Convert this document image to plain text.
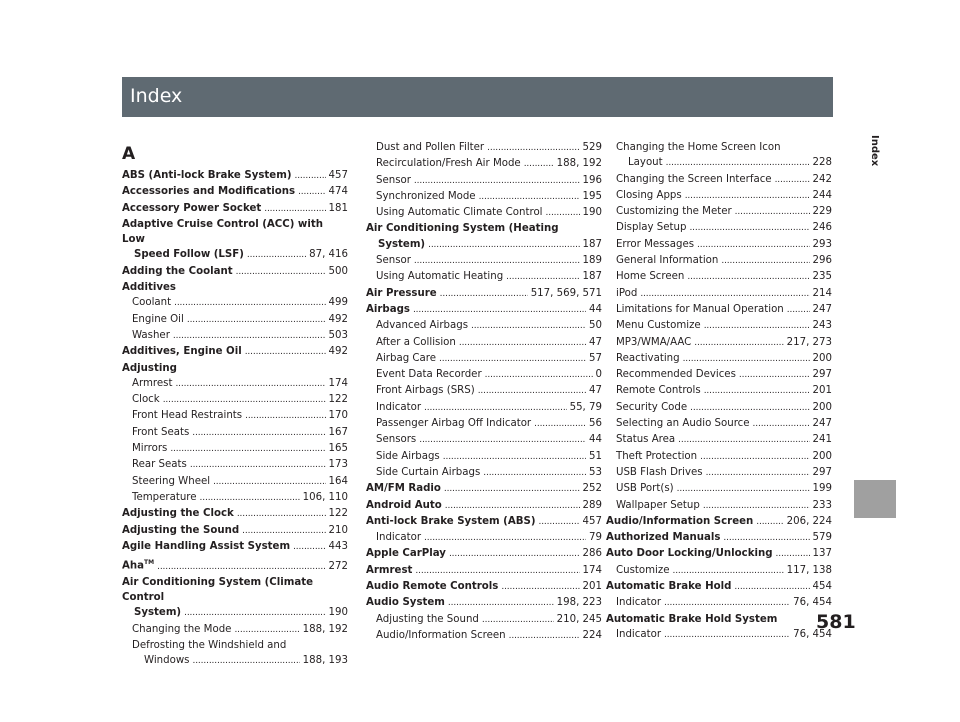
Index
Index
A
ABS (Anti-lock Brake System) . . .	457
Accessories and Modifications . . .	474
Accessory Power Socket . . .	181
Adaptive Cruise Control (ACC) with Low
Speed Follow (LSF) . . .	87, 416
Adding the Coolant . . .	500
Additives
Coolant . . .	499
Engine Oil . . .	492
Washer . . .	503
Additives, Engine Oil . . .	492
Adjusting
Armrest . . .	174
Clock . . .	122
Front Head Restraints . . .	170
Front Seats . . .	167
Mirrors . . .	165
Rear Seats . . .	173
Steering Wheel . . .	164
Temperature . . .	106, 110
Adjusting the Clock . . .	122
Adjusting the Sound . . .	210
Agile Handling Assist System . . .	443
Aha™ . . .	272
Air Conditioning System (Climate Control
System) . . .	190
Changing the Mode . . .	188, 192
Defrosting the Windshield and
Windows . . .	188, 193
Dust and Pollen Filter . . .	529
Recirculation/Fresh Air Mode . . .	188, 192
Sensor . . .	196
Synchronized Mode . . .	195
Using Automatic Climate Control . . .	190
Air Conditioning System (Heating
System) . . .	187
Sensor . . .	189
Using Automatic Heating . . .	187
Air Pressure . . .	517, 569, 571
Airbags . . .	44
Advanced Airbags . . .	50
After a Collision . . .	47
Airbag Care . . .	57
Event Data Recorder . . .	0
Front Airbags (SRS) . . .	47
Indicator . . .	55, 79
Passenger Airbag Off Indicator . . .	56
Sensors . . .	44
Side Airbags . . .	51
Side Curtain Airbags . . .	53
AM/FM Radio . . .	252
Android Auto . . .	289
Anti-lock Brake System (ABS) . . .	457
Indicator . . .	79
Apple CarPlay . . .	286
Armrest . . .	174
Audio Remote Controls . . .	201
Audio System . . .	198, 223
Adjusting the Sound . . .	210, 245
Audio/Information Screen . . .	224
Changing the Home Screen Icon
Layout . . .	228
Changing the Screen Interface . . .	242
Closing Apps . . .	244
Customizing the Meter . . .	229
Display Setup . . .	246
Error Messages . . .	293
General Information . . .	296
Home Screen . . .	235
iPod . . .	214
Limitations for Manual Operation . . .	247
Menu Customize . . .	243
MP3/WMA/AAC . . .	217, 273
Reactivating . . .	200
Recommended Devices . . .	297
Remote Controls . . .	201
Security Code . . .	200
Selecting an Audio Source . . .	247
Status Area . . .	241
Theft Protection . . .	200
USB Flash Drives . . .	297
USB Port(s) . . .	199
Wallpaper Setup . . .	233
Audio/Information Screen . . .	206, 224
Authorized Manuals . . .	579
Auto Door Locking/Unlocking . . .	137
Customize . . .	117, 138
Automatic Brake Hold . . .	454
Indicator . . .	76, 454
Automatic Brake Hold System
Indicator . . .	76, 454
581
